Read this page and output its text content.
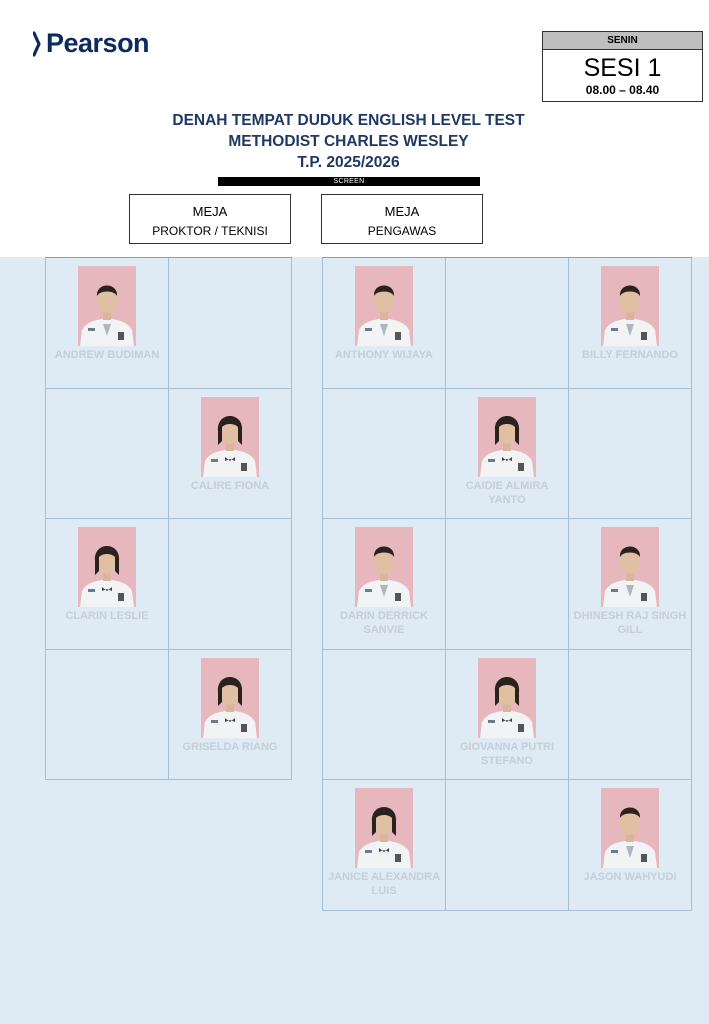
Pearson	SENIN
SESI 1
08.00 – 08.40
DENAH TEMPAT DUDUK ENGLISH LEVEL TEST
METHODIST CHARLES WESLEY
T.P. 2025/2026
SCREEN
MEJA
PROKTOR / TEKNISI
MEJA
PENGAWAS
ANDREW BUDIMAN
CALIRE FIONA
CLARIN LESLIE
GRISELDA RIANG
ANTHONY WIJAYA	BILLY FERNANDO
CAIDIE ALMIRA YANTO
DARIN DERRICK SANVIE
DHINESH RAJ SINGH GILL
GIOVANNA PUTRI STEFANO
JANICE ALEXANDRA LUIS
JASON WAHYUDI
